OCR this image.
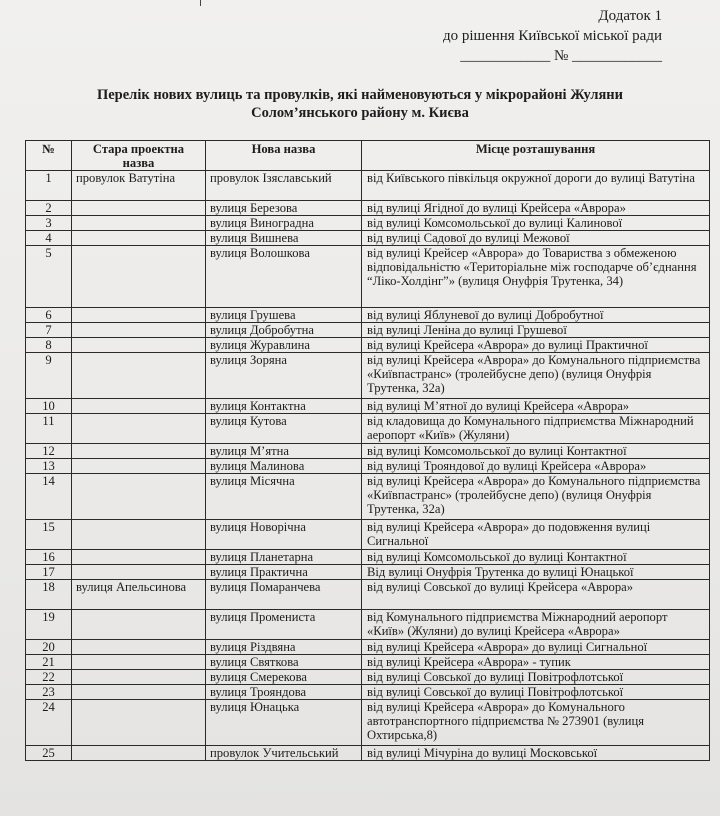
Додаток 1
до рішення Київської міської ради
____________ № ____________
Перелік нових вулиць та провулків, які найменовуються у мікрорайоні Жуляни
Солом’янського району м. Києва
№	Стара проектна назва	Нова назва	Місце розташування
1	провулок Ватутіна	провулок Ізяславський	від Київського півкільця окружної дороги до вулиці Ватутіна
2		вулиця Березова	від вулиці Ягідної до вулиці Крейсера «Аврора»
3		вулиця Виноградна	від вулиці Комсомольської до вулиці Калинової
4		вулиця Вишнева	від вулиці Садової до вулиці Межової
5		вулиця Волошкова	від вулиці Крейсер «Аврора» до Товариства з обмеженою відповідальністю «Територіальне між господарче об’єднання “Ліко-Холдінг”» (вулиця Онуфрія Трутенка, 34)
6		вулиця Грушева	від вулиці Яблуневої до вулиці Добробутної
7		вулиця Добробутна	від вулиці Леніна до вулиці Грушевої
8		вулиця Журавлина	від вулиці Крейсера «Аврора» до вулиці Практичної
9		вулиця Зоряна	від вулиці Крейсера «Аврора» до Комунального підприємства «Київпастранс» (тролейбусне депо) (вулиця Онуфрія Трутенка, 32а)
10		вулиця Контактна	від вулиці М’ятної до вулиці Крейсера «Аврора»
11		вулиця Кутова	від кладовища до Комунального підприємства Міжнародний аеропорт «Київ» (Жуляни)
12		вулиця М’ятна	від вулиці Комсомольської до вулиці Контактної
13		вулиця Малинова	від вулиці Трояндової до вулиці Крейсера «Аврора»
14		вулиця Місячна	від вулиці Крейсера «Аврора» до Комунального підприємства «Київпастранс» (тролейбусне депо) (вулиця Онуфрія Трутенка, 32а)
15		вулиця Новорічна	від вулиці Крейсера «Аврора» до подовження вулиці Сигнальної
16		вулиця Планетарна	від вулиці Комсомольської до вулиці Контактної
17		вулиця Практична	Від вулиці Онуфрія Трутенка до вулиці Юнацької
18	вулиця Апельсинова	вулиця Помаранчева	від вулиці Совської до вулиці Крейсера «Аврора»
19		вулиця Промениста	від Комунального підприємства Міжнародний аеропорт «Київ» (Жуляни) до вулиці Крейсера «Аврора»
20		вулиця Різдвяна	від вулиці Крейсера «Аврора» до вулиці Сигнальної
21		вулиця Святкова	від вулиці Крейсера «Аврора» - тупик
22		вулиця Смерекова	від вулиці Совської до вулиці Повітрофлотської
23		вулиця Трояндова	від вулиці Совської до вулиці Повітрофлотської
24		вулиця Юнацька	від вулиці Крейсера «Аврора» до Комунального автотранспортного підприємства № 273901 (вулиця Охтирська,8)
25		провулок Учительський	від вулиці Мічуріна до вулиці Московської
